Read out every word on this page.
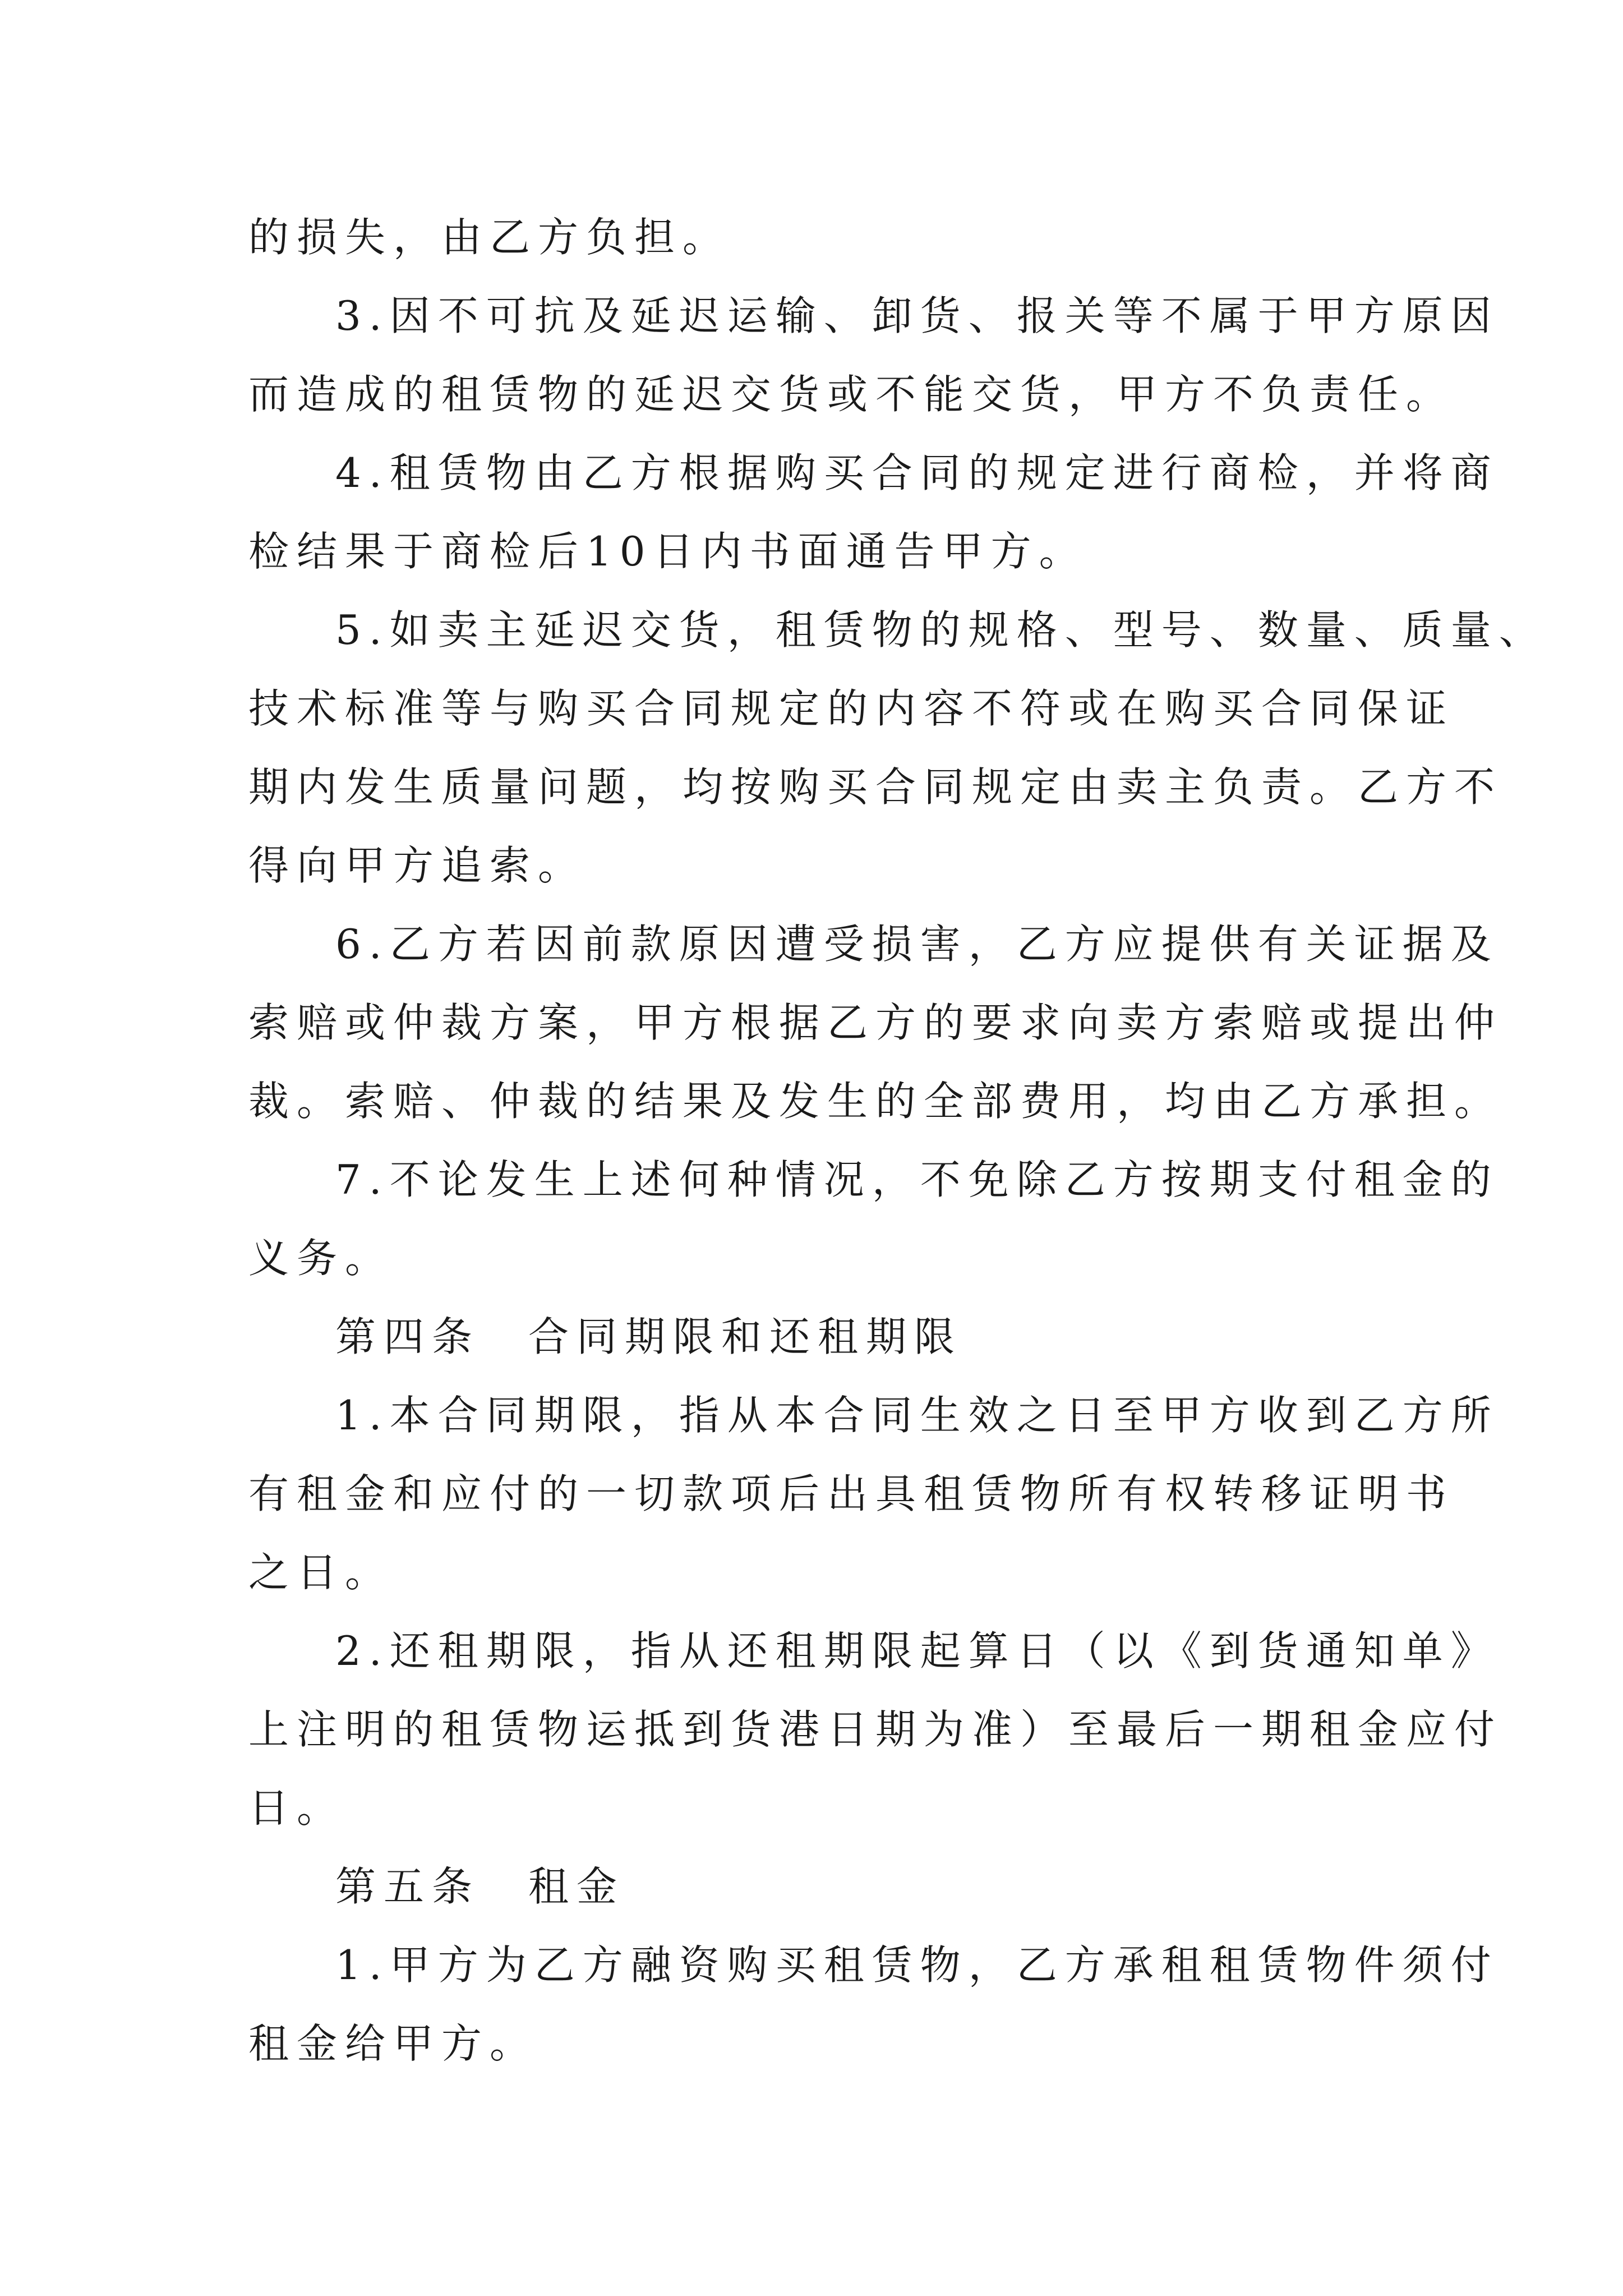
的损失，由乙方负担。
3.因不可抗及延迟运输、卸货、报关等不属于甲方原因
而造成的租赁物的延迟交货或不能交货，甲方不负责任。
4.租赁物由乙方根据购买合同的规定进行商检，并将商
检结果于商检后10日内书面通告甲方。
5.如卖主延迟交货，租赁物的规格、型号、数量、质量、
技术标准等与购买合同规定的内容不符或在购买合同保证
期内发生质量问题，均按购买合同规定由卖主负责。乙方不
得向甲方追索。
6.乙方若因前款原因遭受损害，乙方应提供有关证据及
索赔或仲裁方案，甲方根据乙方的要求向卖方索赔或提出仲
裁。索赔、仲裁的结果及发生的全部费用，均由乙方承担。
7.不论发生上述何种情况，不免除乙方按期支付租金的
义务。
第四条　合同期限和还租期限
1.本合同期限，指从本合同生效之日至甲方收到乙方所
有租金和应付的一切款项后出具租赁物所有权转移证明书
之日。
2.还租期限，指从还租期限起算日（以《到货通知单》
上注明的租赁物运抵到货港日期为准）至最后一期租金应付
日。
第五条　租金
1.甲方为乙方融资购买租赁物，乙方承租租赁物件须付
租金给甲方。
